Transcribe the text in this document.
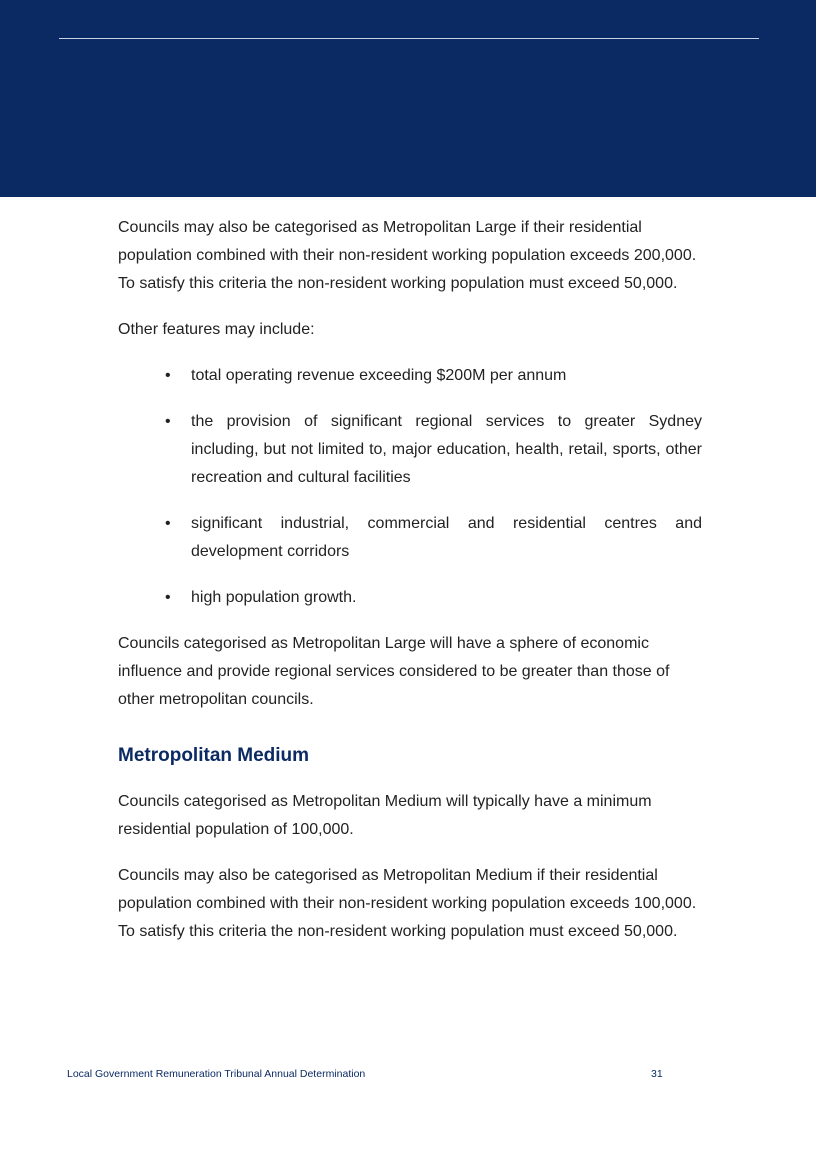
Councils may also be categorised as Metropolitan Large if their residential population combined with their non-resident working population exceeds 200,000. To satisfy this criteria the non-resident working population must exceed 50,000.

Other features may include:

• total operating revenue exceeding $200M per annum
• the provision of significant regional services to greater Sydney including, but not limited to, major education, health, retail, sports, other recreation and cultural facilities
• significant industrial, commercial and residential centres and development corridors
• high population growth.

Councils categorised as Metropolitan Large will have a sphere of economic influence and provide regional services considered to be greater than those of other metropolitan councils.

Metropolitan Medium

Councils categorised as Metropolitan Medium will typically have a minimum residential population of 100,000.

Councils may also be categorised as Metropolitan Medium if their residential population combined with their non-resident working population exceeds 100,000. To satisfy this criteria the non-resident working population must exceed 50,000.

Local Government Remuneration Tribunal Annual Determination	31
